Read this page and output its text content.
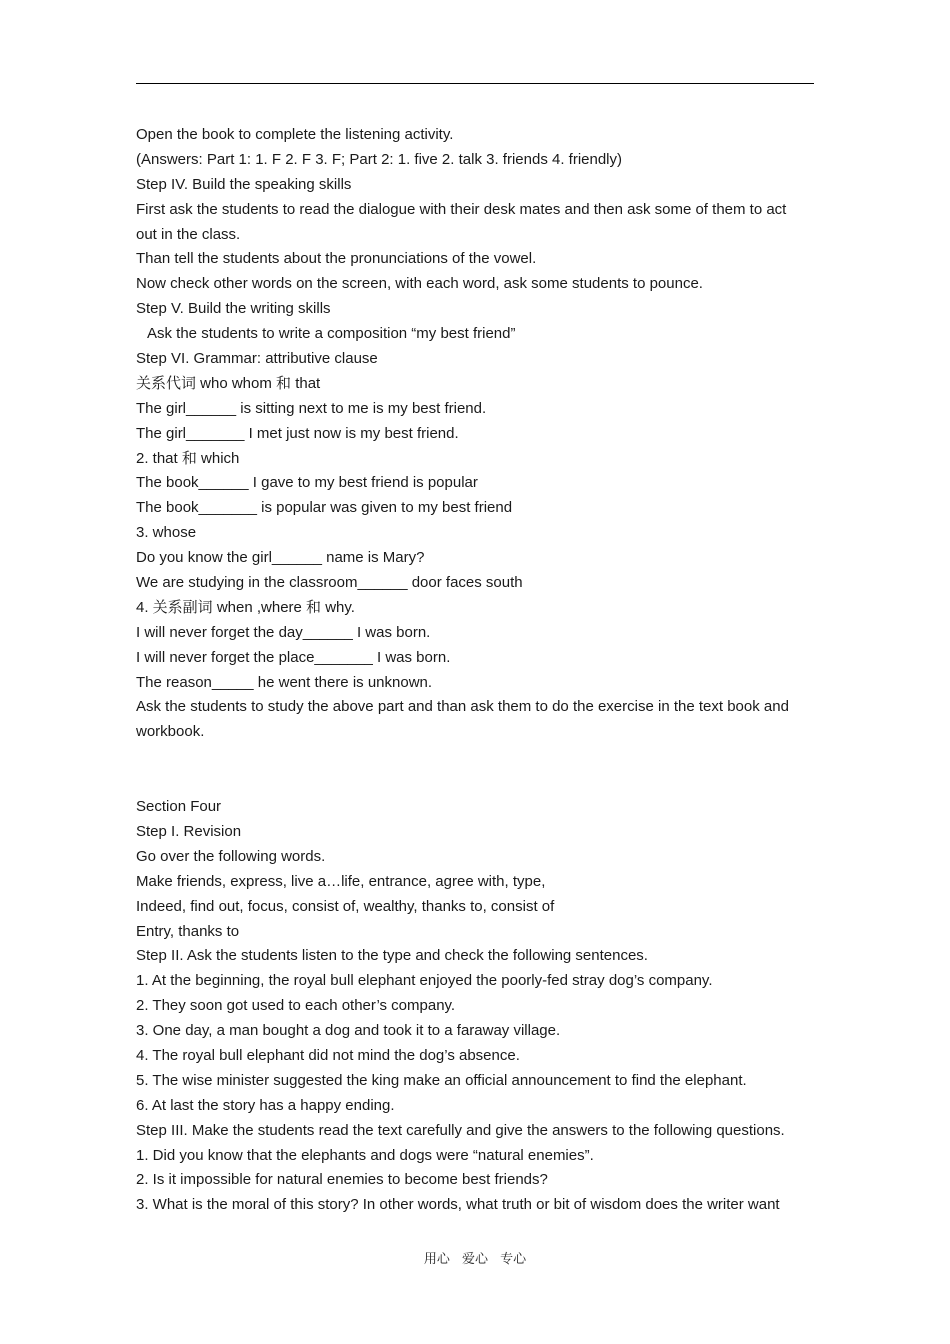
Open the book to complete the listening activity.
(Answers: Part 1: 1. F 2. F 3. F; Part 2: 1. five 2. talk 3. friends 4. friendly)
Step IV. Build the speaking skills
First ask the students to read the dialogue with their desk mates and then ask some of them to act
out in the class.
Than tell the students about the pronunciations of the vowel.
Now check other words on the screen, with each word, ask some students to pounce.
Step V. Build the writing skills
Ask the students to write a composition “my best friend”
Step VI. Grammar: attributive clause
关系代词 who whom 和 that
The girl______ is sitting next to me is my best friend.
The girl_______ I met just now is my best friend.
2. that 和 which
The book______ I gave to my best friend is popular
The book_______ is popular was given to my best friend
3. whose
Do you know the girl______ name is Mary?
We are studying in the classroom______ door faces south
4. 关系副词 when ,where 和 why.
I will never forget the day______ I was born.
I will never forget the place_______ I was born.
The reason_____ he went there is unknown.
Ask the students to study the above part and than ask them to do the exercise in the text book and
workbook.
Section Four
Step I. Revision
Go over the following words.
Make friends, express, live a…life, entrance, agree with, type,
Indeed, find out, focus, consist of, wealthy, thanks to, consist of
Entry, thanks to
Step II. Ask the students listen to the type and check the following sentences.
1. At the beginning, the royal bull elephant enjoyed the poorly-fed stray dog’s company.
2. They soon got used to each other’s company.
3. One day, a man bought a dog and took it to a faraway village.
4. The royal bull elephant did not mind the dog’s absence.
5. The wise minister suggested the king make an official announcement to find the elephant.
6. At last the story has a happy ending.
Step III. Make the students read the text carefully and give the answers to the following questions.
1. Did you know that the elephants and dogs were “natural enemies”.
2. Is it impossible for natural enemies to become best friends?
3. What is the moral of this story? In other words, what truth or bit of wisdom does the writer want
用心 爱心 专心
